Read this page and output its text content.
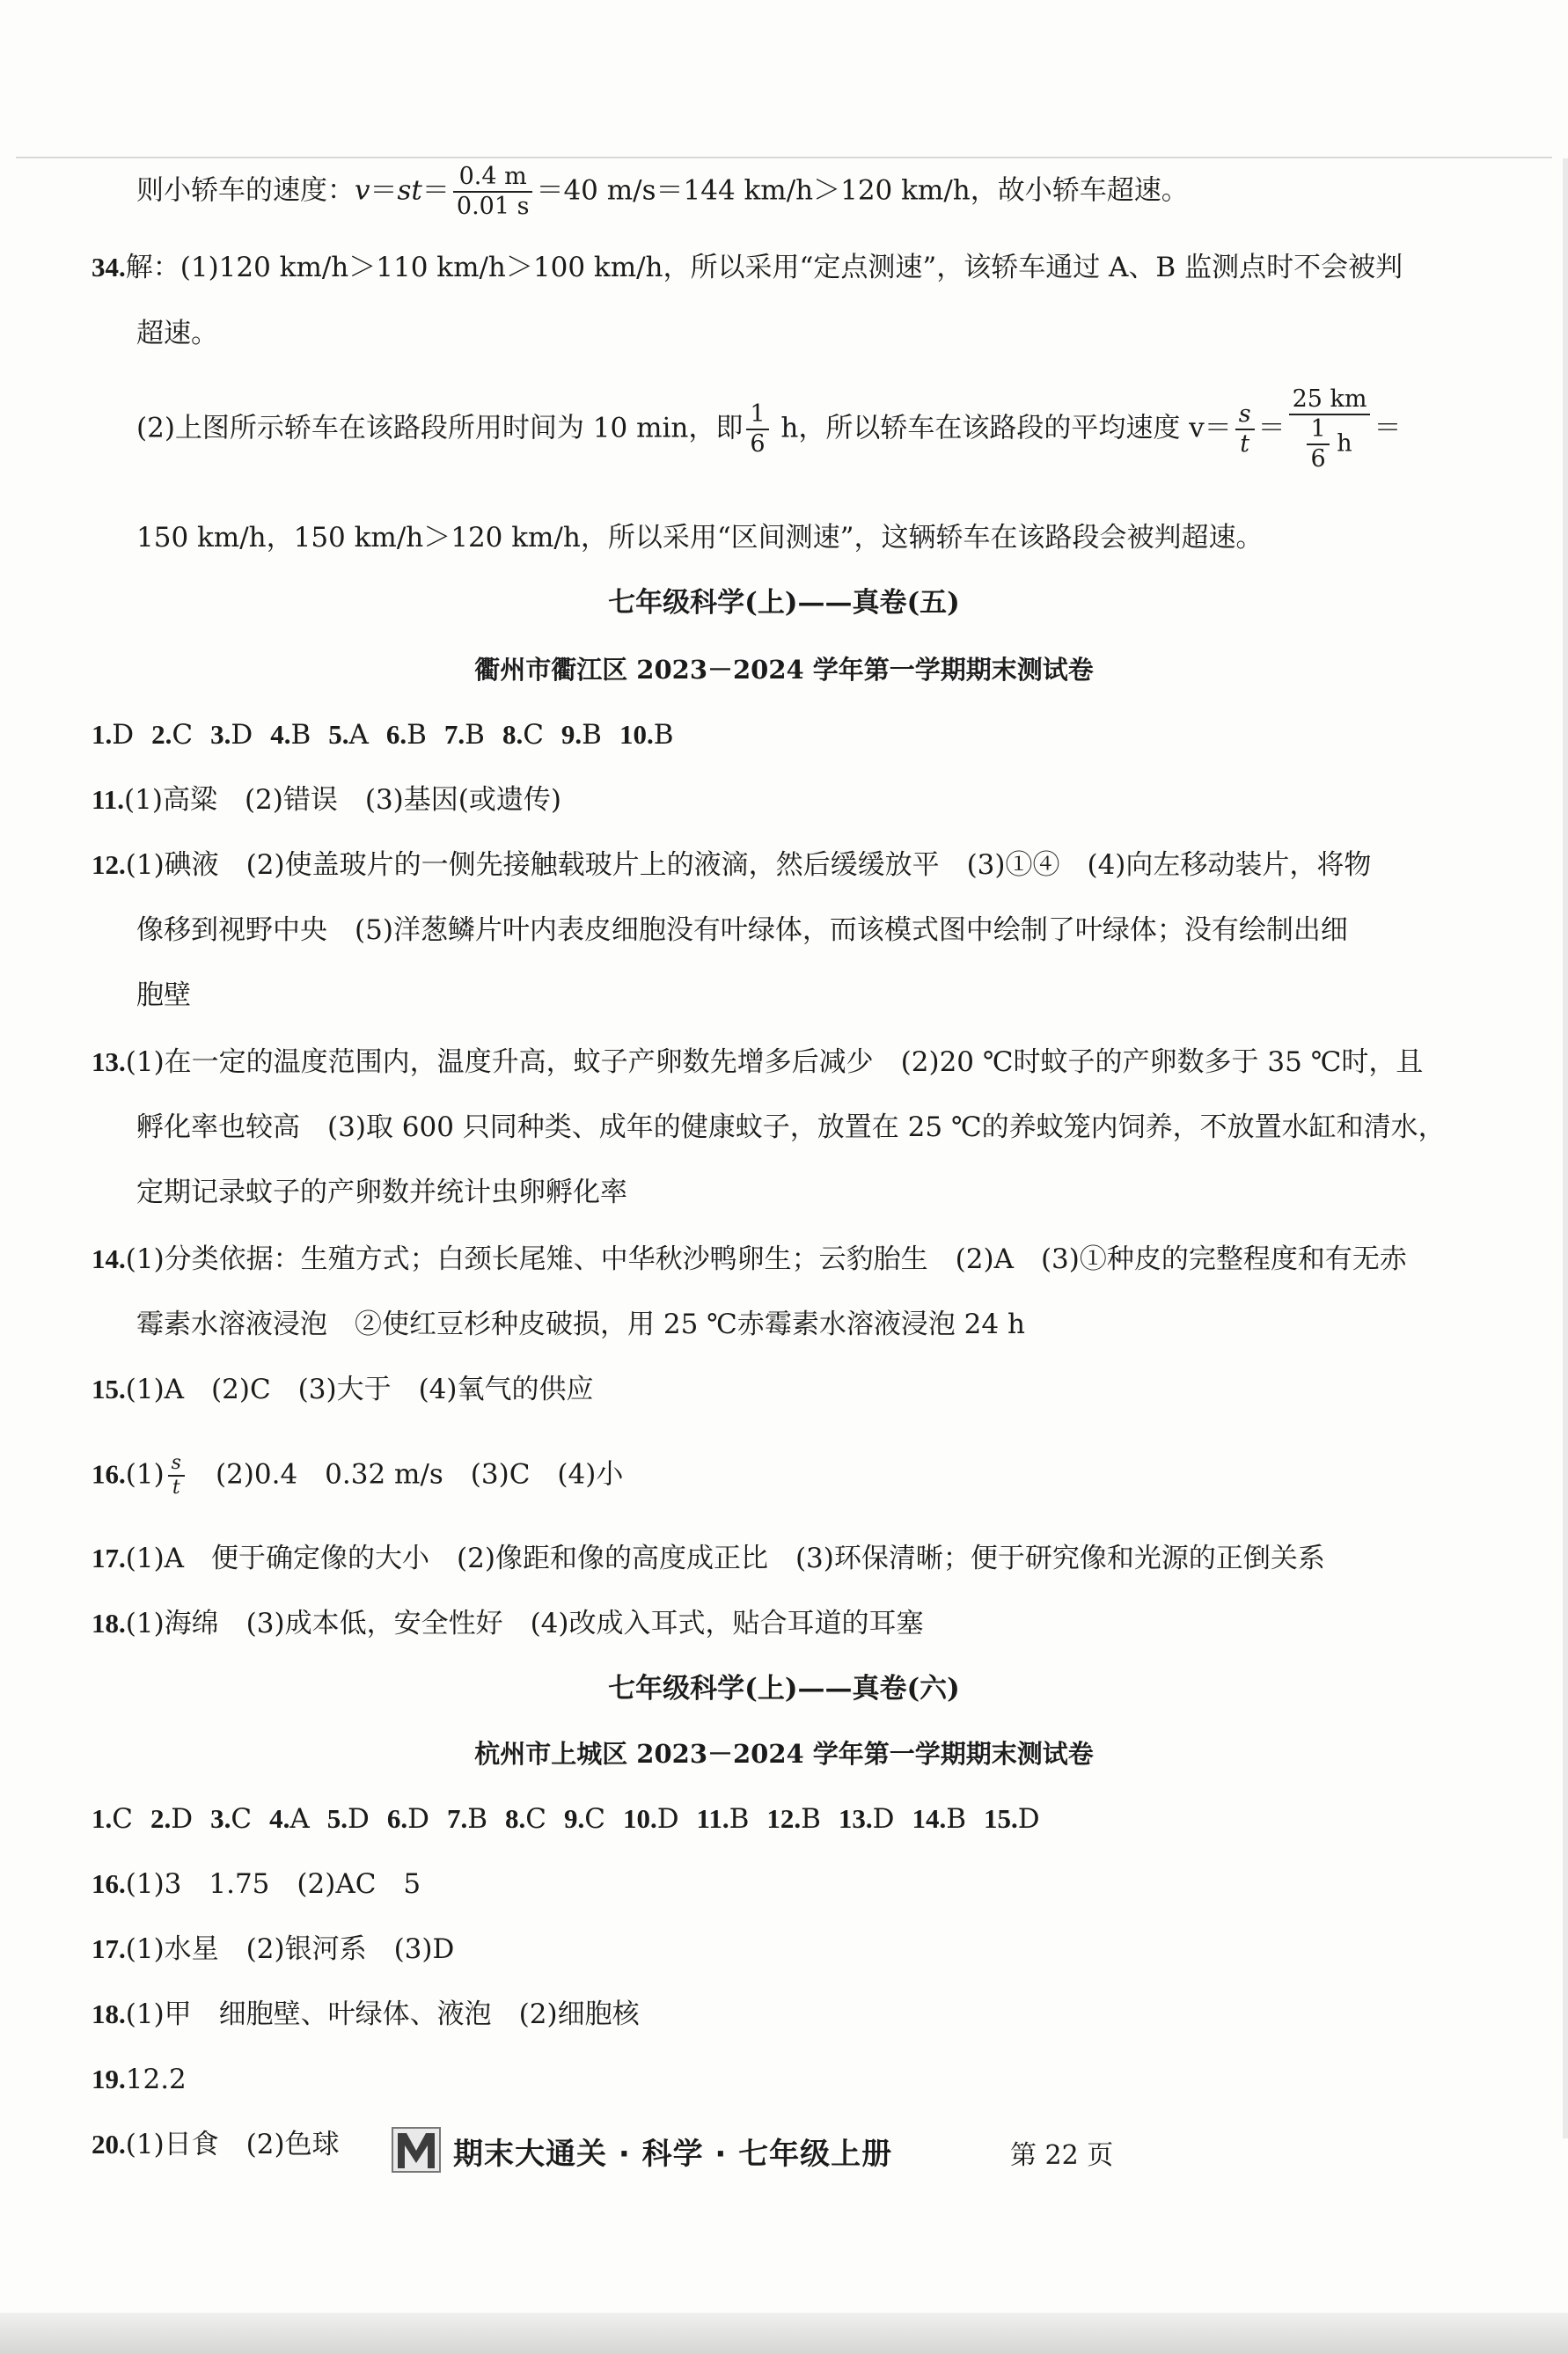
则小轿车的速度：$v=st= \frac{0.4 m}{0.01 s} =40$ m/s＝144 km/h＞120 km/h，故小轿车超速。
34.解：(1)120 km/h＞110 km/h＞100 km/h，所以采用“定点测速”，该轿车通过 A、B 监测点时不会被判
超速。
(2)上图所示轿车在该路段所用时间为 10 min，即 $\frac{1}{6}$ h，所以轿车在该路段的平均速度 $v= \frac{s}{t} = \frac{25 km}{\frac{1}{6} h}$ ＝
150 km/h，150 km/h＞120 km/h，所以采用“区间测速”，这辆轿车在该路段会被判超速。
七年级科学(上)——真卷(五)
衢州市衢江区 2023－2024 学年第一学期期末测试卷
1.D 2.C 3.D 4.B 5.A 6.B 7.B 8.C 9.B 10.B
11.(1)高粱　(2)错误　(3)基因(或遗传)
12.(1)碘液　(2)使盖玻片的一侧先接触载玻片上的液滴，然后缓缓放平　(3)①④　(4)向左移动装片，将物
像移到视野中央　(5)洋葱鳞片叶内表皮细胞没有叶绿体，而该模式图中绘制了叶绿体；没有绘制出细
胞壁
13.(1)在一定的温度范围内，温度升高，蚊子产卵数先增多后减少　(2)20 ℃时蚊子的产卵数多于 35 ℃时，且
孵化率也较高　(3)取 600 只同种类、成年的健康蚊子，放置在 25 ℃的养蚊笼内饲养，不放置水缸和清水，
定期记录蚊子的产卵数并统计虫卵孵化率
14.(1)分类依据：生殖方式；白颈长尾雉、中华秋沙鸭卵生；云豹胎生　(2)A　(3)①种皮的完整程度和有无赤
霉素水溶液浸泡　②使红豆杉种皮破损，用 25 ℃赤霉素水溶液浸泡 24 h
15.(1)A　(2)C　(3)大于　(4)氧气的供应
$16.(1) \frac{s}{t}$ 　(2)0.4　0.32 m/s　(3)C　(4)小
17.(1)A　便于确定像的大小　(2)像距和像的高度成正比　(3)环保清晰；便于研究像和光源的正倒关系
18.(1)海绵　(3)成本低，安全性好　(4)改成入耳式，贴合耳道的耳塞
七年级科学(上)——真卷(六)
杭州市上城区 2023－2024 学年第一学期期末测试卷
1.C 2.D 3.C 4.A 5.D 6.D 7.B 8.C 9.C 10.D 11.B 12.B 13.D 14.B 15.D
16.(1)3　1.75　(2)AC　5
17.(1)水星　(2)银河系　(3)D
18.(1)甲　细胞壁、叶绿体、液泡　(2)细胞核
19.12.2
20.(1)日食　(2)色球	期末大通关 · 科学 · 七年级上册	第 22 页
